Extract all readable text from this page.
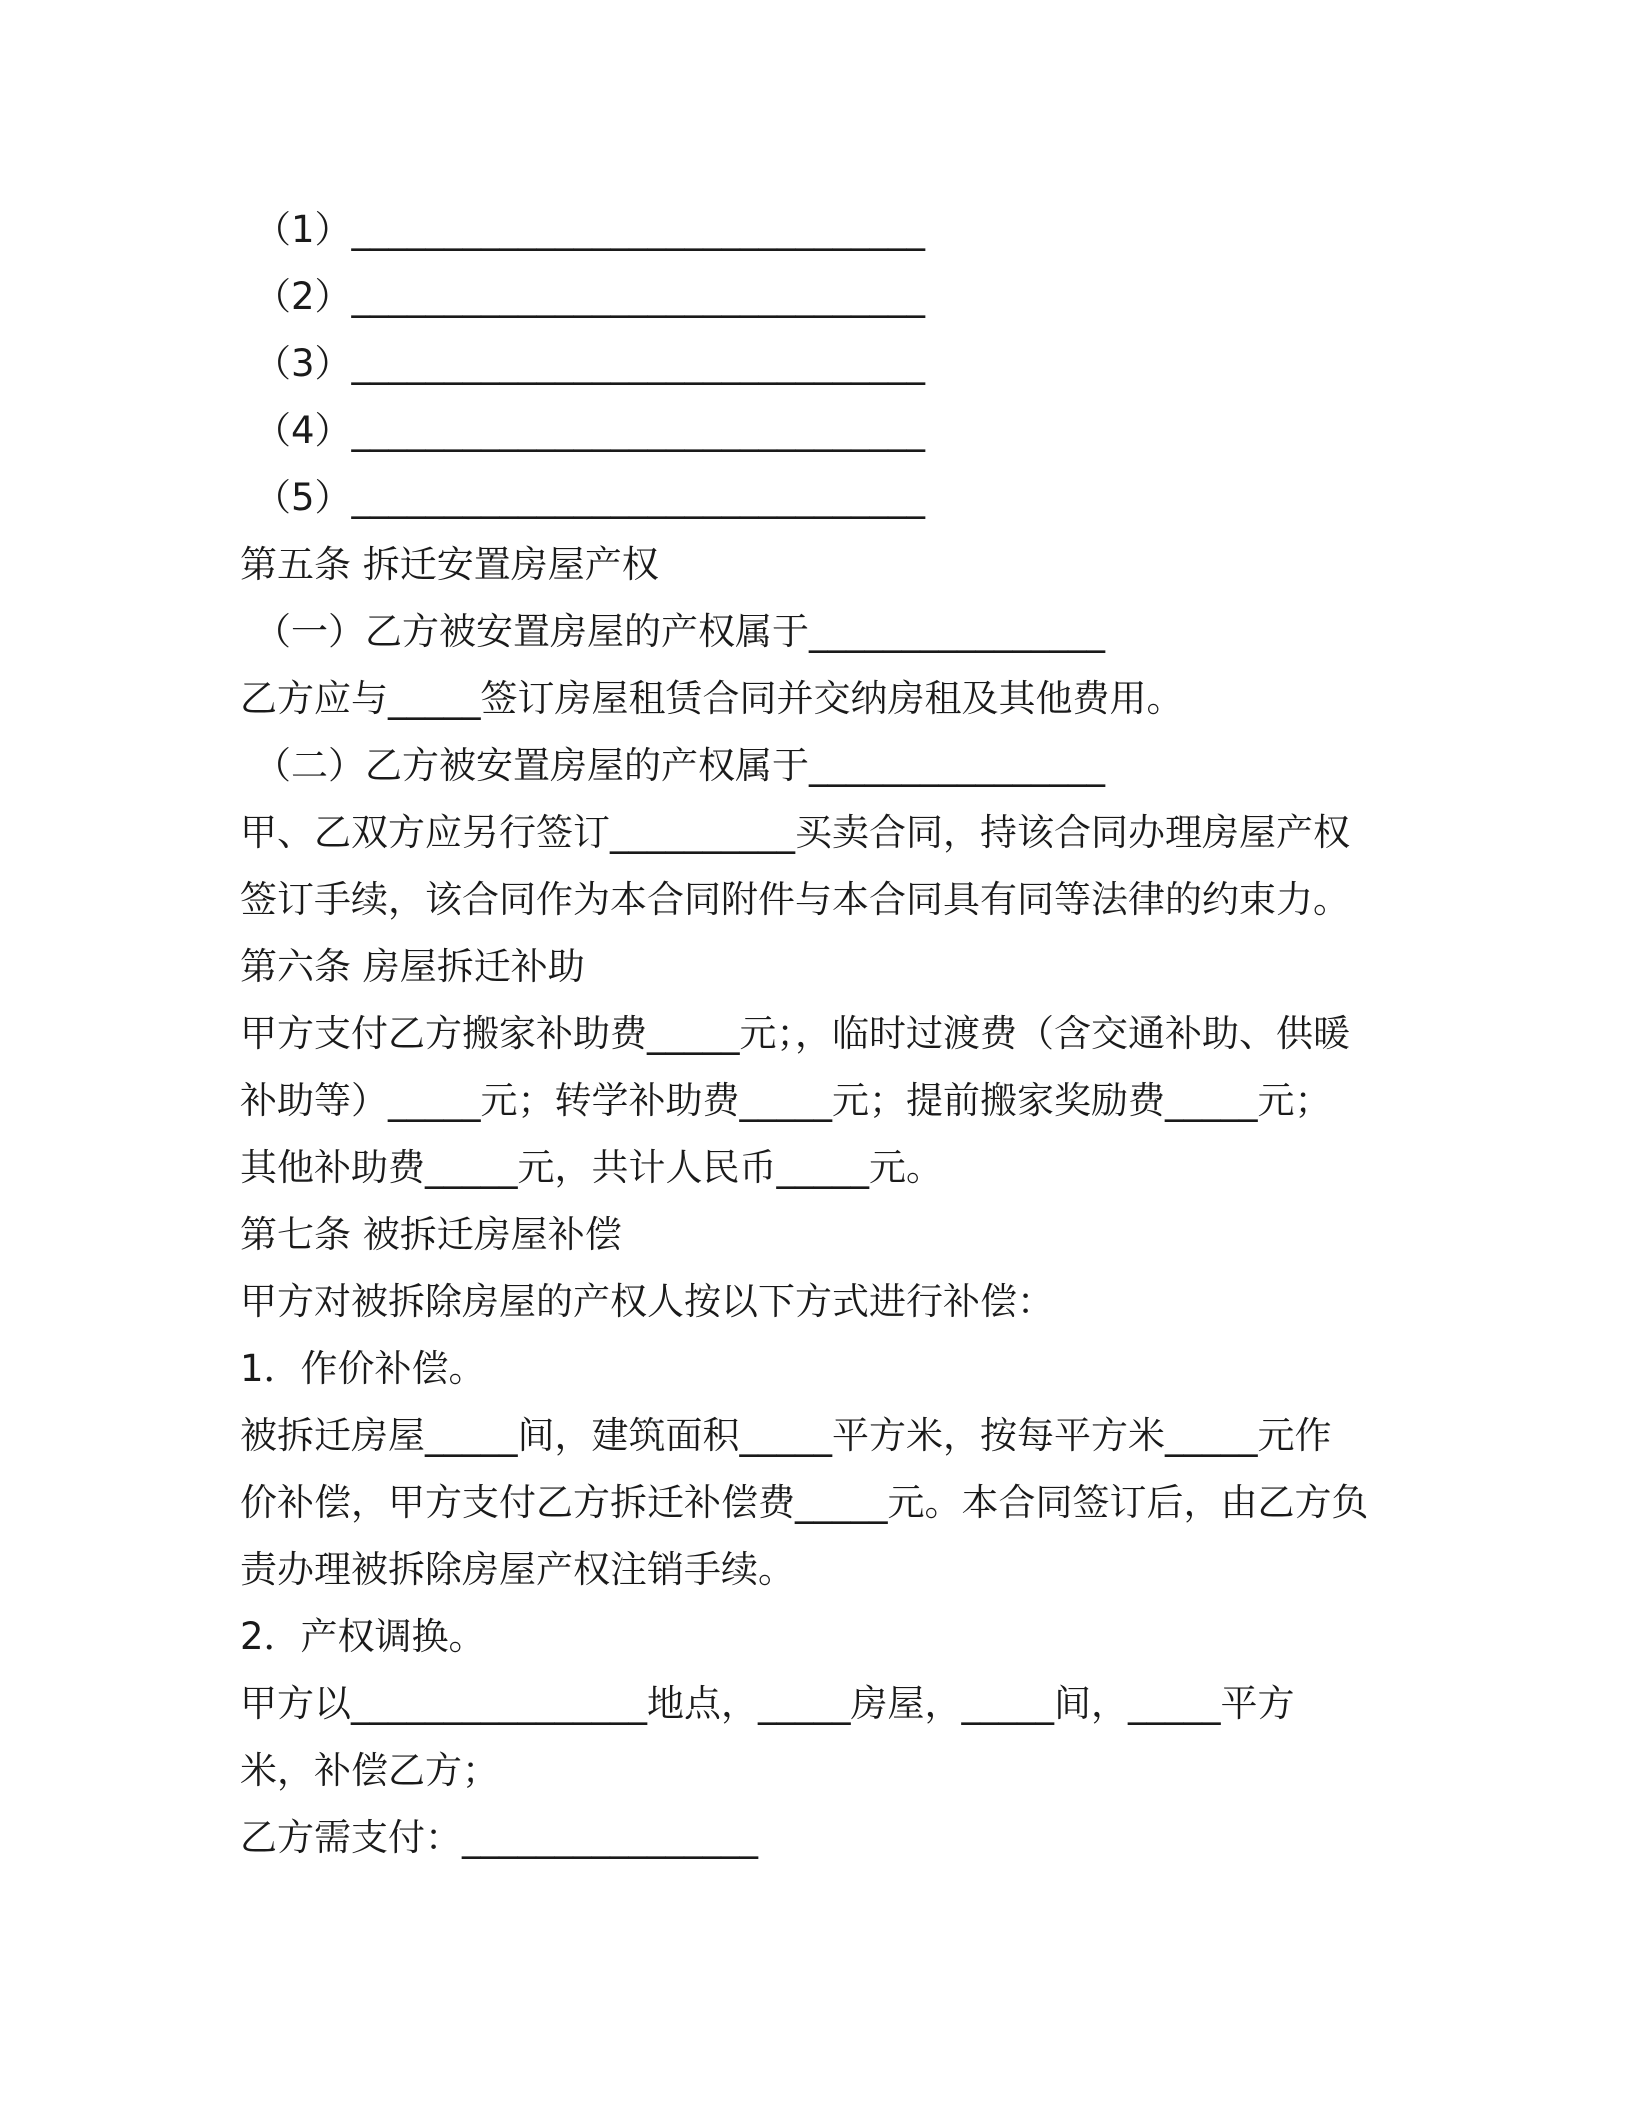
（1）_______________________________
（2）_______________________________
（3）_______________________________
（4）_______________________________
（5）_______________________________
第五条 拆迁安置房屋产权
（一）乙方被安置房屋的产权属于________________
乙方应与_____签订房屋租赁合同并交纳房租及其他费用。
（二）乙方被安置房屋的产权属于________________
甲、乙双方应另行签订__________买卖合同，持该合同办理房屋产权
签订手续，该合同作为本合同附件与本合同具有同等法律的约束力。
第六条 房屋拆迁补助
甲方支付乙方搬家补助费_____元；，临时过渡费（含交通补助、供暖
补助等）_____元；转学补助费_____元；提前搬家奖励费_____元；
其他补助费_____元，共计人民币_____元。
第七条 被拆迁房屋补偿
甲方对被拆除房屋的产权人按以下方式进行补偿：
1．作价补偿。
被拆迁房屋_____间，建筑面积_____平方米，按每平方米_____元作
价补偿，甲方支付乙方拆迁补偿费_____元。本合同签订后，由乙方负
责办理被拆除房屋产权注销手续。
2．产权调换。
甲方以________________地点，_____房屋，_____间，_____平方
米，补偿乙方；
乙方需支付：________________
